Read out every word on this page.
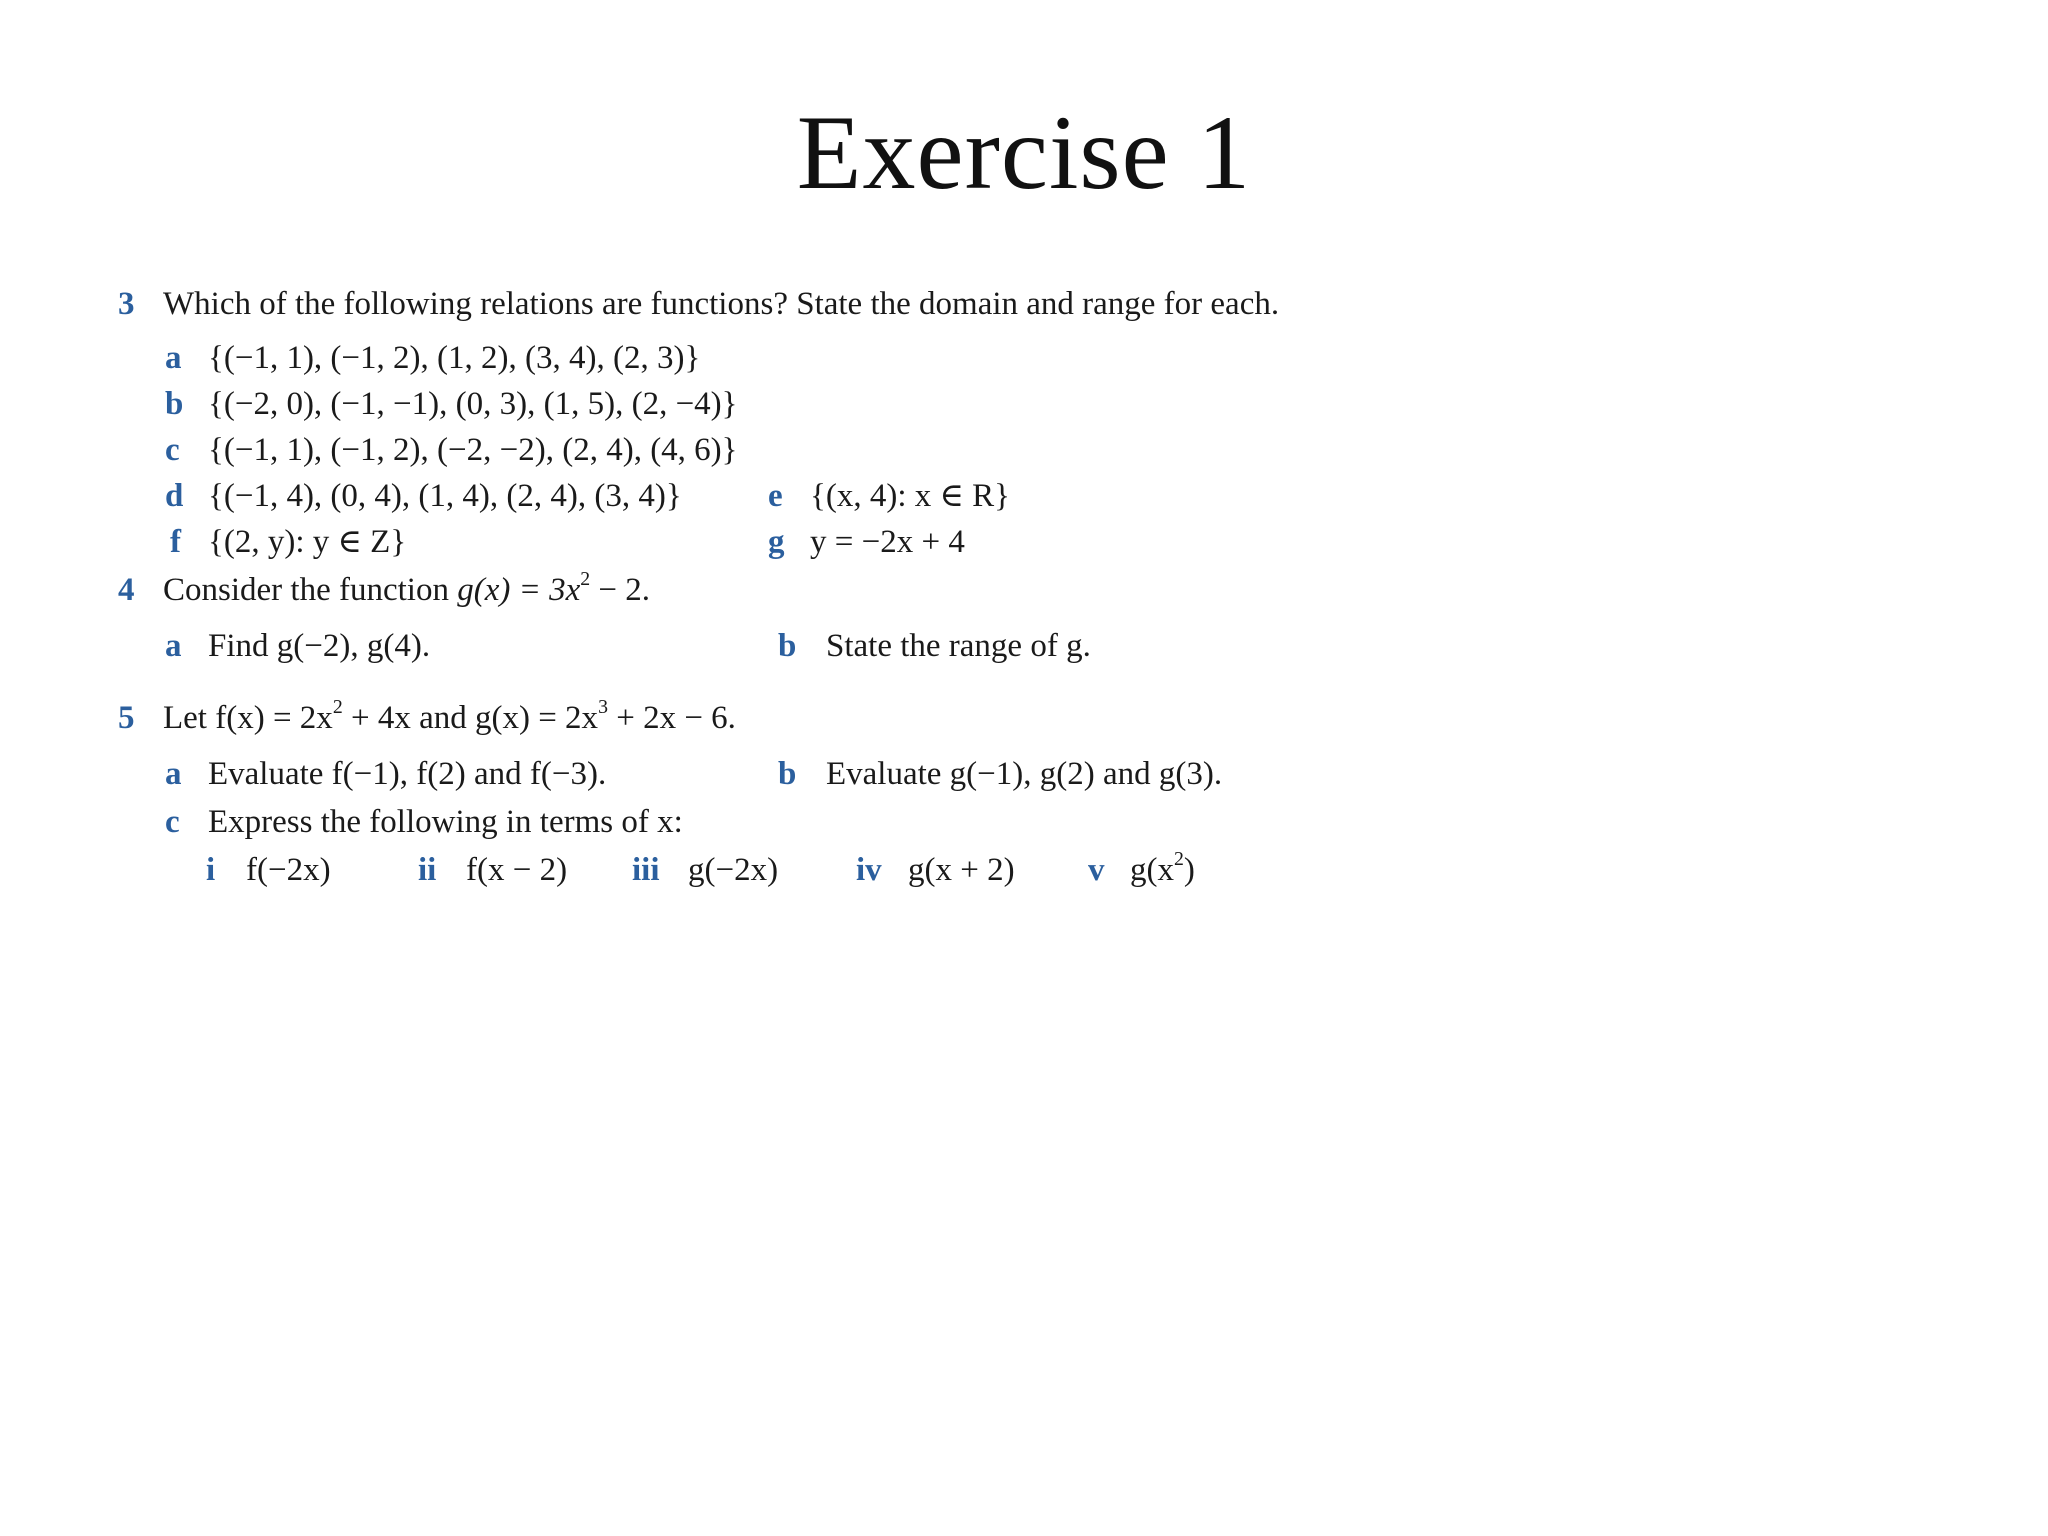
Exercise 1
3 Which of the following relations are functions? State the domain and range for each.
a {(−1, 1), (−1, 2), (1, 2), (3, 4), (2, 3)}
b {(−2, 0), (−1, −1), (0, 3), (1, 5), (2, −4)}
c {(−1, 1), (−1, 2), (−2, −2), (2, 4), (4, 6)}
d {(−1, 4), (0, 4), (1, 4), (2, 4), (3, 4)}	e {(x, 4): x ∈ R}
f {(2, y): y ∈ Z}	g y = −2x + 4
4 Consider the function $g(x) = 3x^2 - 2$.
a Find g(−2), g(4).	b State the range of g.
5 Let $f(x) = 2x^2 + 4x$ and $g(x) = 2x^3 + 2x - 6$.
a Evaluate f(−1), f(2) and f(−3).	b Evaluate g(−1), g(2) and g(3).
c Express the following in terms of x:
i f(−2x)	ii f(x − 2) iii g(−2x) iv g(x + 2) v $g(x^2)$
